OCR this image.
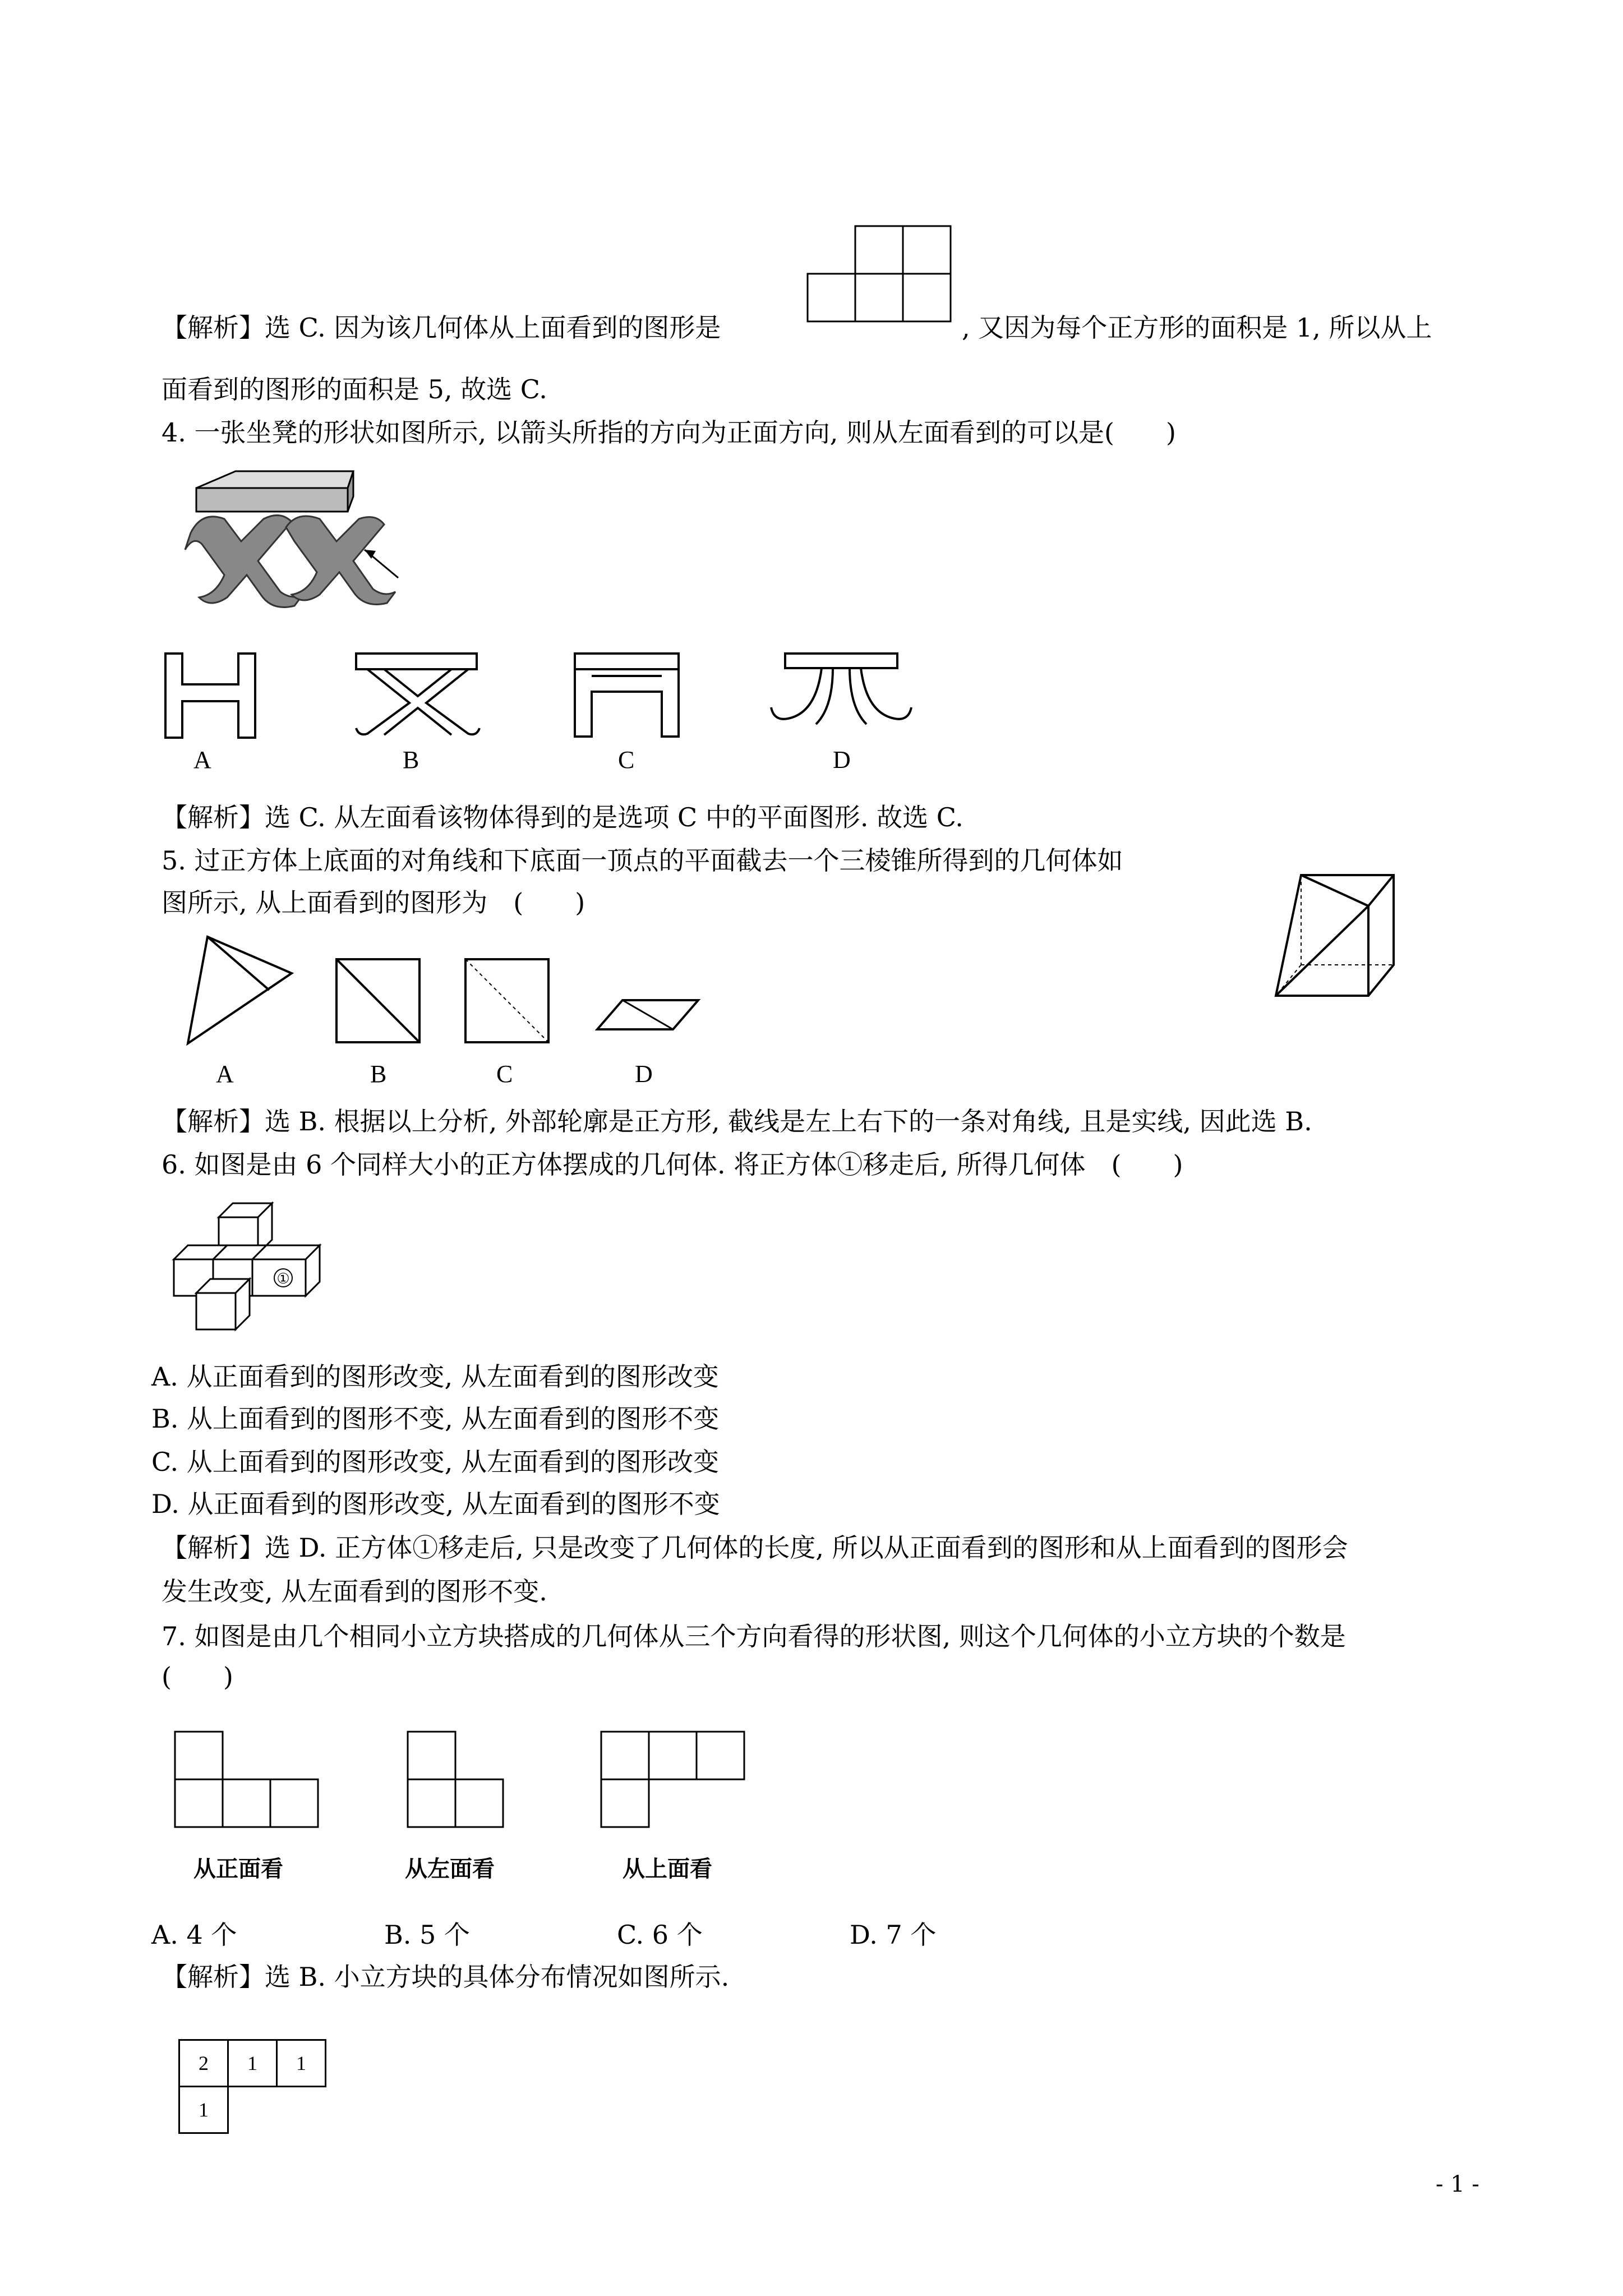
【解析】选 C. 因为该几何体从上面看到的图形是	, 又因为每个正方形的面积是 1, 所以从上
面看到的图形的面积是 5, 故选 C.
4. 一张坐凳的形状如图所示, 以箭头所指的方向为正面方向, 则从左面看到的可以是(　　)
A	B	C	D
【解析】选 C. 从左面看该物体得到的是选项 C 中的平面图形. 故选 C.
5. 过正方体上底面的对角线和下底面一顶点的平面截去一个三棱锥所得到的几何体如
图所示, 从上面看到的图形为　(　　)
A	B	C	D
【解析】选 B. 根据以上分析, 外部轮廓是正方形, 截线是左上右下的一条对角线, 且是实线, 因此选 B.
6. 如图是由 6 个同样大小的正方体摆成的几何体. 将正方体①移走后, 所得几何体　(　　)
①
A. 从正面看到的图形改变, 从左面看到的图形改变
B. 从上面看到的图形不变, 从左面看到的图形不变
C. 从上面看到的图形改变, 从左面看到的图形改变
D. 从正面看到的图形改变, 从左面看到的图形不变
【解析】选 D. 正方体①移走后, 只是改变了几何体的长度, 所以从正面看到的图形和从上面看到的图形会
发生改变, 从左面看到的图形不变.
7. 如图是由几个相同小立方块搭成的几何体从三个方向看得的形状图, 则这个几何体的小立方块的个数是
(　　)
从正面看	从左面看	从上面看
A. 4 个	B. 5 个	C. 6 个	D. 7 个
【解析】选 B. 小立方块的具体分布情况如图所示.
2	1	1
1
- 1 -
